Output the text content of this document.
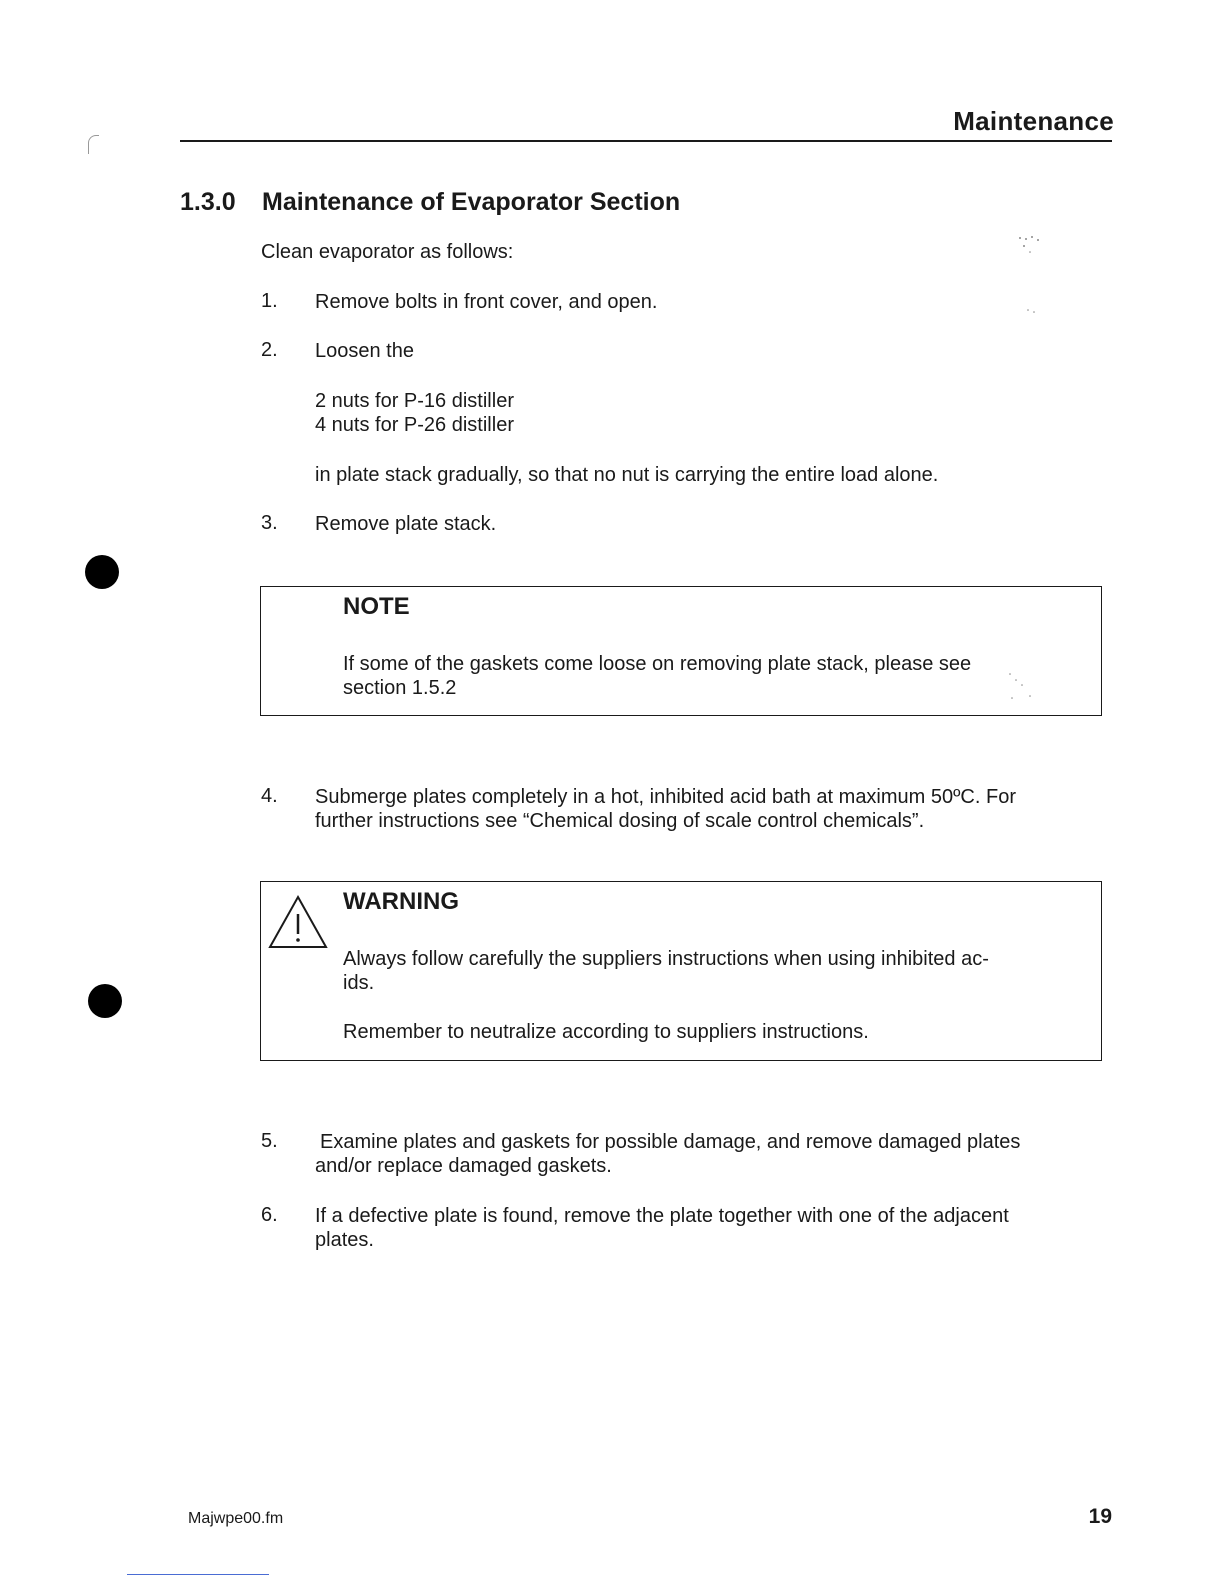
Maintenance
1.3.0 Maintenance of Evaporator Section
Clean evaporator as follows:
1. Remove bolts in front cover, and open.
2. Loosen the
2 nuts for P-16 distiller
4 nuts for P-26 distiller
in plate stack gradually, so that no nut is carrying the entire load alone.
3. Remove plate stack.
NOTE
If some of the gaskets come loose on removing plate stack, please see
section 1.5.2
4. Submerge plates completely in a hot, inhibited acid bath at maximum 50ºC. For
further instructions see “Chemical dosing of scale control chemicals”.
WARNING
Always follow carefully the suppliers instructions when using inhibited ac-
ids.
Remember to neutralize according to suppliers instructions.
5. Examine plates and gaskets for possible damage, and remove damaged plates
and/or replace damaged gaskets.
6. If a defective plate is found, remove the plate together with one of the adjacent
plates.
Majwpe00.fm	19
